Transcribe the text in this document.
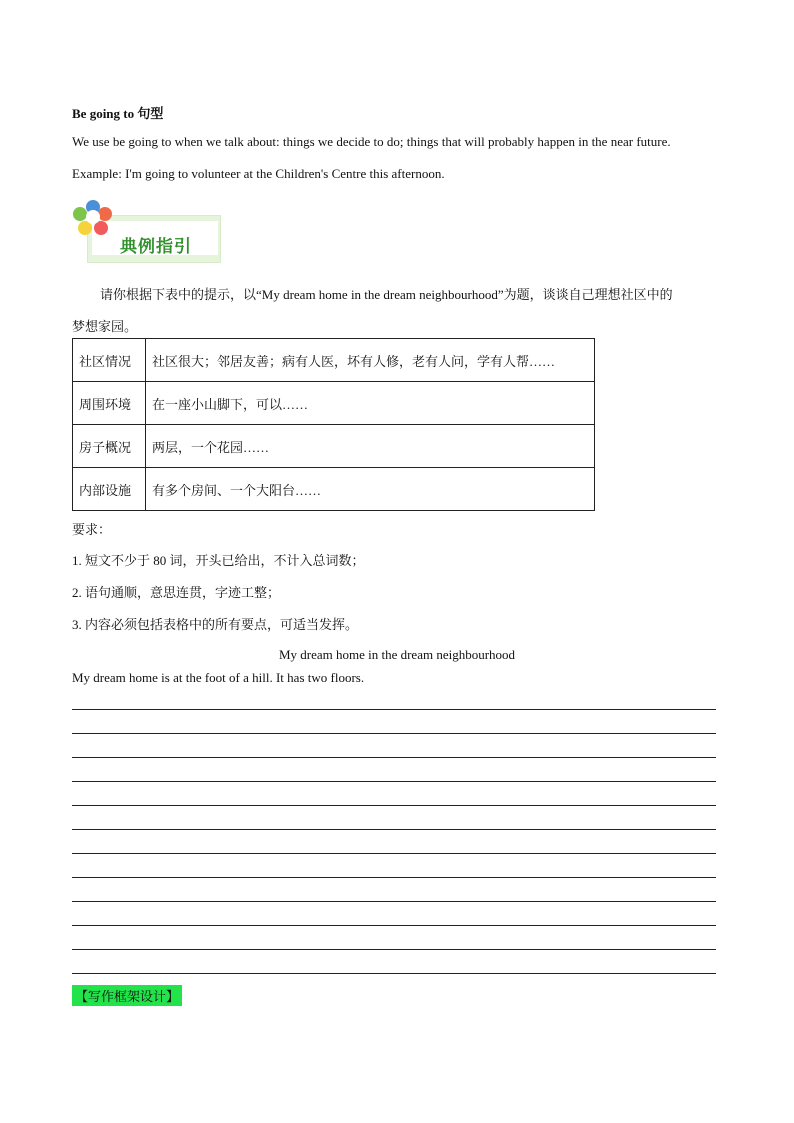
Be going to 句型
We use be going to when we talk about: things we decide to do; things that will probably happen in the near future.
Example: I'm going to volunteer at the Children's Centre this afternoon.
典例指引
请你根据下表中的提示，以“My dream home in the dream neighbourhood”为题，谈谈自己理想社区中的
梦想家园。
社区情况	社区很大；邻居友善；病有人医，坏有人修，老有人问，学有人帮……
周围环境	在一座小山脚下，可以……
房子概况	两层，一个花园……
内部设施	有多个房间、一个大阳台……
要求：
1. 短文不少于 80 词，开头已给出，不计入总词数；
2. 语句通顺，意思连贯，字迹工整；
3. 内容必须包括表格中的所有要点，可适当发挥。
My dream home in the dream neighbourhood
My dream home is at the foot of a hill. It has two floors.
【写作框架设计】
